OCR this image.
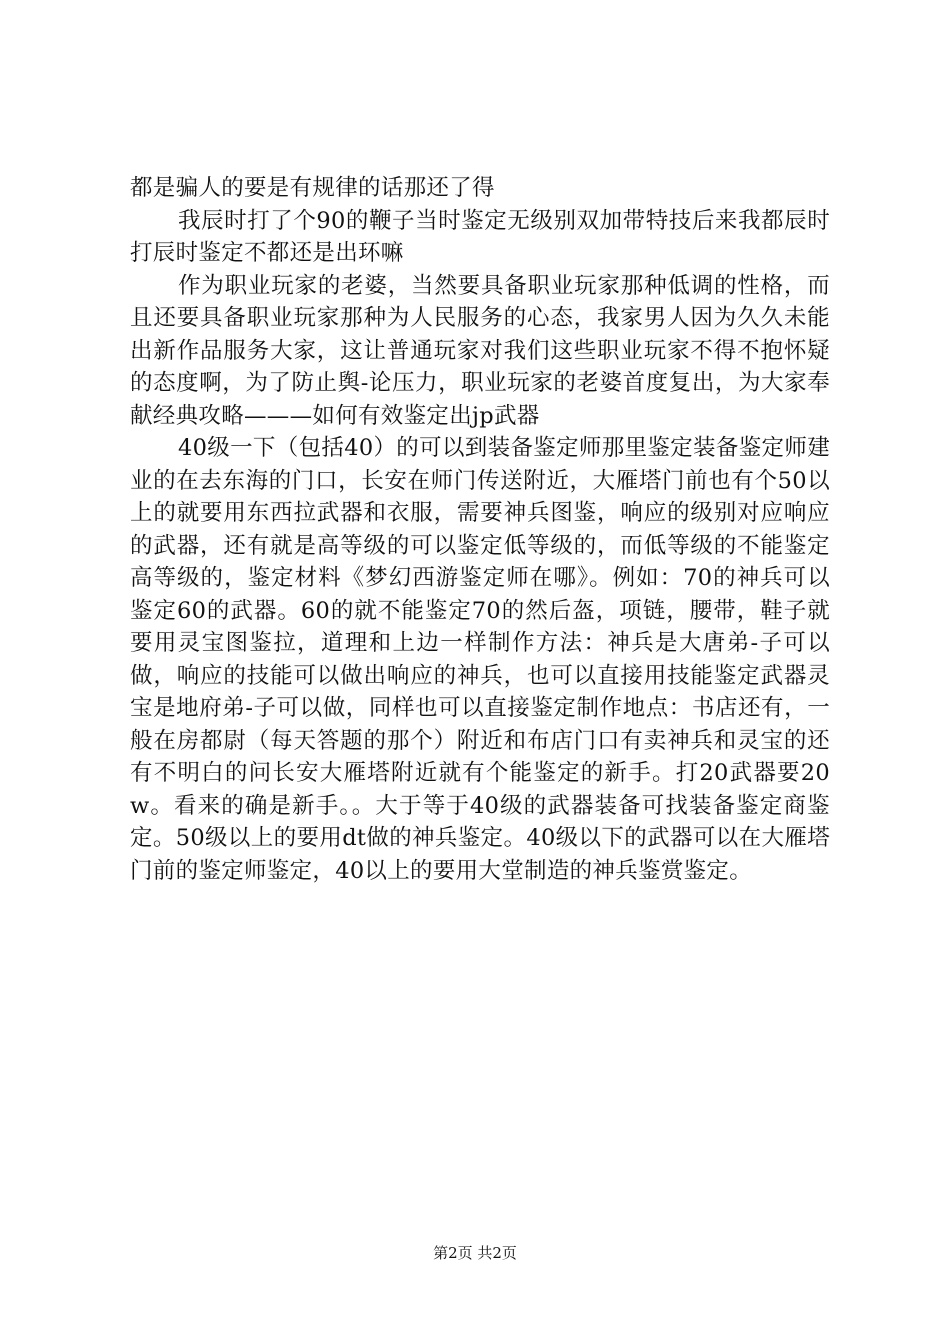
都是骗人的要是有规律的话那还了得

我辰时打了个90的鞭子当时鉴定无级别双加带特技后来我都辰时打辰时鉴定不都还是出环嘛

作为职业玩家的老婆，当然要具备职业玩家那种低调的性格，而且还要具备职业玩家那种为人民服务的心态，我家男人因为久久未能出新作品服务大家，这让普通玩家对我们这些职业玩家不得不抱怀疑的态度啊，为了防止舆-论压力，职业玩家的老婆首度复出，为大家奉献经典攻略———如何有效鉴定出jp武器

40级一下（包括40）的可以到装备鉴定师那里鉴定装备鉴定师建业的在去东海的门口，长安在师门传送附近，大雁塔门前也有个50以上的就要用东西拉武器和衣服，需要神兵图鉴，响应的级别对应响应的武器，还有就是高等级的可以鉴定低等级的，而低等级的不能鉴定高等级的，鉴定材料《梦幻西游鉴定师在哪》。例如：70的神兵可以鉴定60的武器。60的就不能鉴定70的然后盔，项链，腰带，鞋子就要用灵宝图鉴拉，道理和上边一样制作方法：神兵是大唐弟-子可以做，响应的技能可以做出响应的神兵，也可以直接用技能鉴定武器灵宝是地府弟-子可以做，同样也可以直接鉴定制作地点：书店还有，一般在房都尉（每天答题的那个）附近和布店门口有卖神兵和灵宝的还有不明白的问长安大雁塔附近就有个能鉴定的新手。打20武器要20w。看来的确是新手。。大于等于40级的武器装备可找装备鉴定商鉴定。50级以上的要用dt做的神兵鉴定。40级以下的武器可以在大雁塔门前的鉴定师鉴定，40以上的要用大堂制造的神兵鉴赏鉴定。

第2页 共2页
